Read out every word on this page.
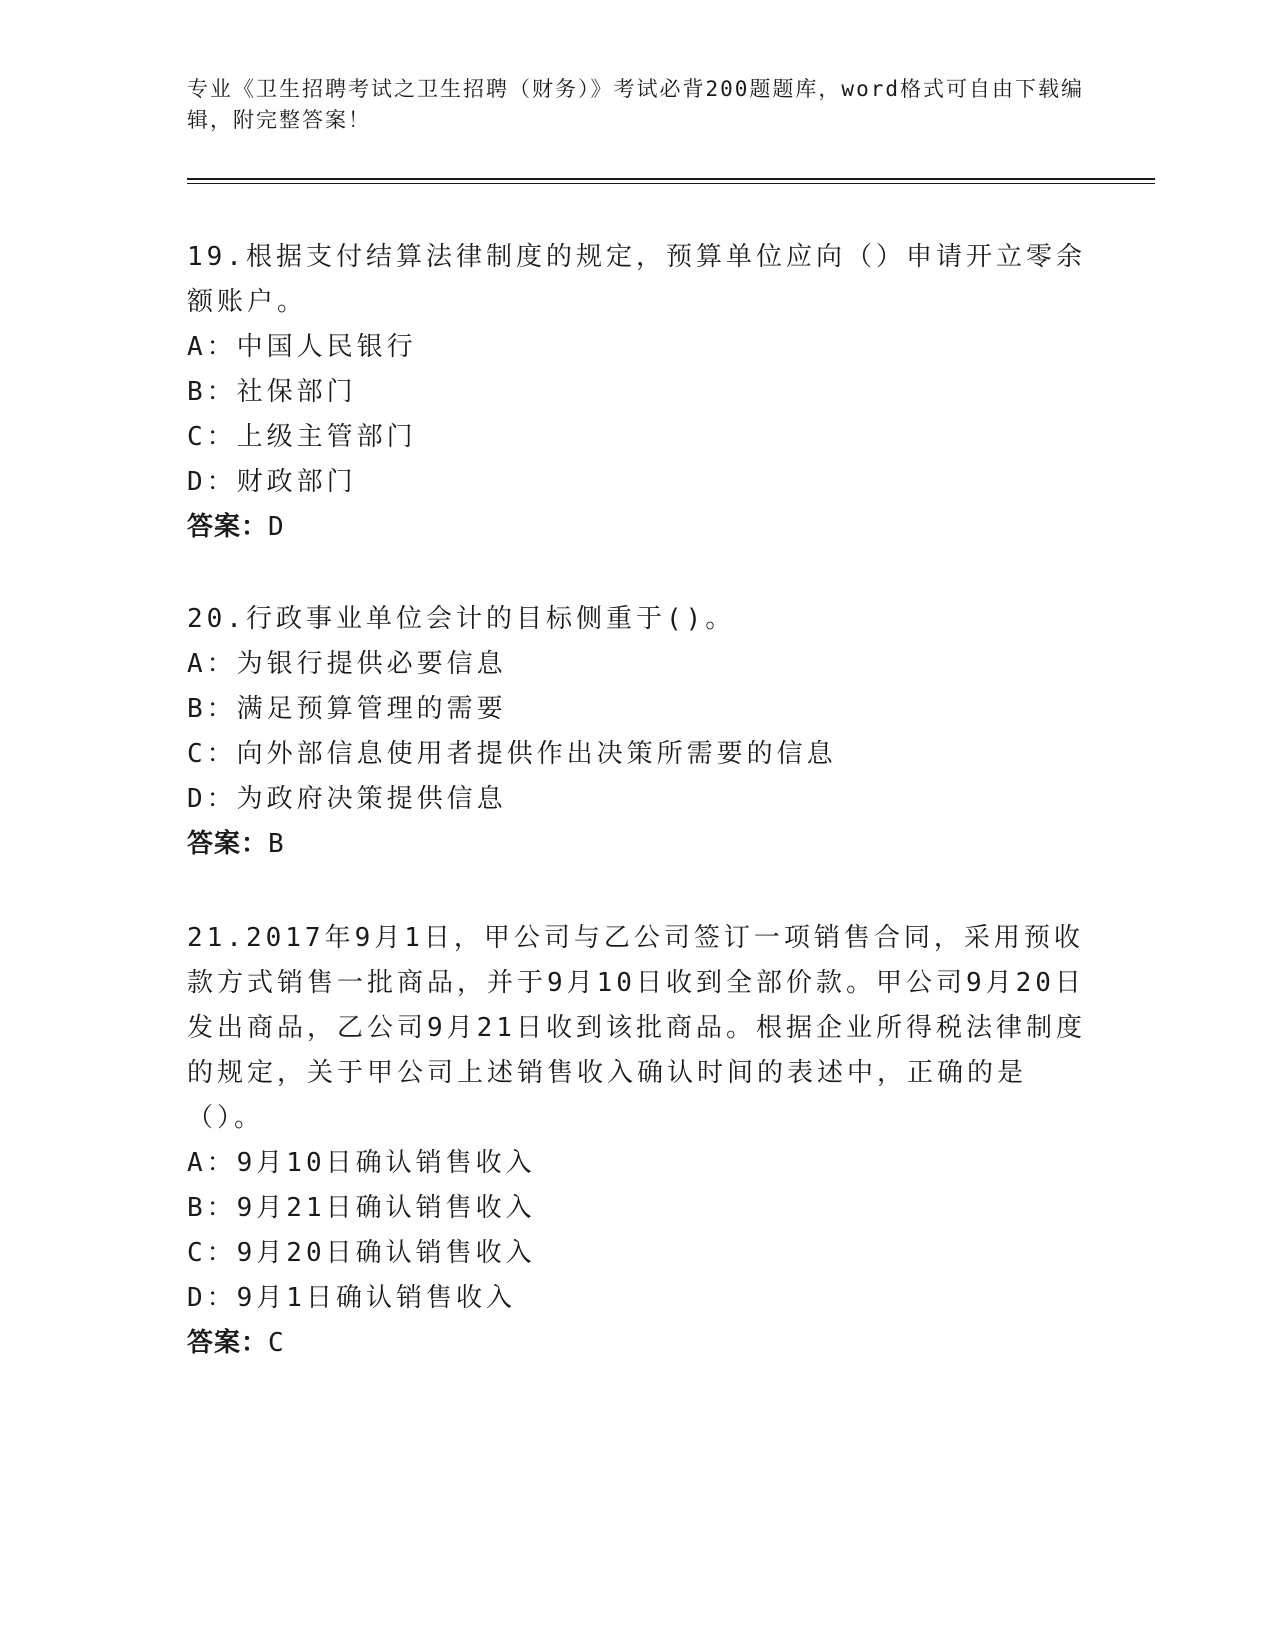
专业《卫生招聘考试之卫生招聘（财务）》考试必背200题题库，word格式可自由下载编辑，附完整答案！
19.根据支付结算法律制度的规定，预算单位应向（）申请开立零余额账户。
A：中国人民银行
B：社保部门
C：上级主管部门
D：财政部门
答案：D
20.行政事业单位会计的目标侧重于()。
A：为银行提供必要信息
B：满足预算管理的需要
C：向外部信息使用者提供作出决策所需要的信息
D：为政府决策提供信息
答案：B
21.2017年9月1日，甲公司与乙公司签订一项销售合同，采用预收款方式销售一批商品，并于9月10日收到全部价款。甲公司9月20日发出商品，乙公司9月21日收到该批商品。根据企业所得税法律制度的规定，关于甲公司上述销售收入确认时间的表述中，正确的是（）。
A：9月10日确认销售收入
B：9月21日确认销售收入
C：9月20日确认销售收入
D：9月1日确认销售收入
答案：C
